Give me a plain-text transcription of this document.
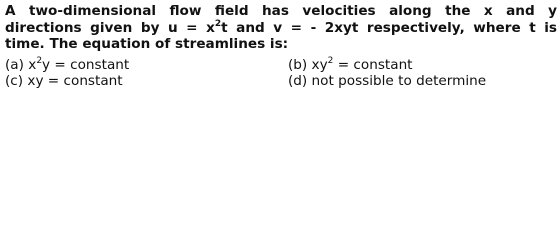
A two-dimensional flow field has velocities along the x and y
directions given by $u = x^2t$ and v = - 2xyt respectively, where t is
time. The equation of streamlines is:
(a) $x^2y$ = constant	(b) $xy^2$ = constant
(c) xy = constant	(d) not possible to determine
